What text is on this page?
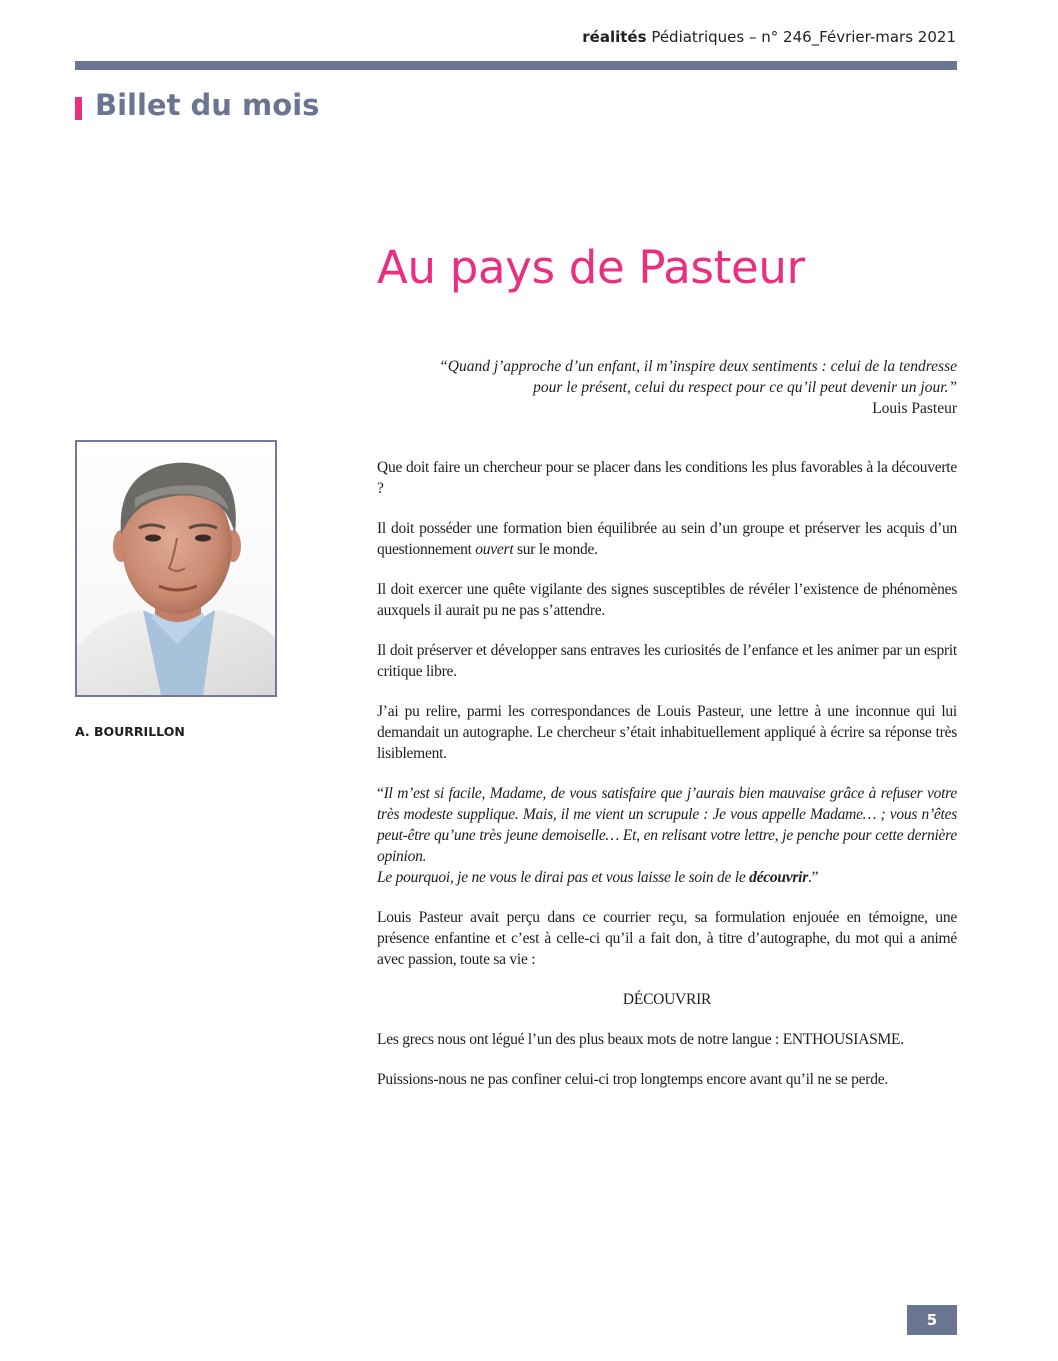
réalités Pédiatriques – n° 246_Février-mars 2021
Billet du mois
Au pays de Pasteur
“Quand j’approche d’un enfant, il m’inspire deux sentiments : celui de la tendresse
pour le présent, celui du respect pour ce qu’il peut devenir un jour.”
Louis Pasteur
A. BOURRILLON

Que doit faire un chercheur pour se placer dans les conditions les plus favorables à la découverte ?

Il doit posséder une formation bien équilibrée au sein d’un groupe et préserver les acquis d’un questionnement ouvert sur le monde.

Il doit exercer une quête vigilante des signes susceptibles de révéler l’existence de phénomènes auxquels il aurait pu ne pas s’attendre.

Il doit préserver et développer sans entraves les curiosités de l’enfance et les animer par un esprit critique libre.

J’ai pu relire, parmi les correspondances de Louis Pasteur, une lettre à une inconnue qui lui demandait un autographe. Le chercheur s’était inhabituellement appliqué à écrire sa réponse très lisiblement.

“Il m’est si facile, Madame, de vous satisfaire que j’aurais bien mauvaise grâce à refuser votre très modeste supplique. Mais, il me vient un scrupule : Je vous appelle Madame… ; vous n’êtes peut-être qu’une très jeune demoiselle… Et, en relisant votre lettre, je penche pour cette dernière opinion.
Le pourquoi, je ne vous le dirai pas et vous laisse le soin de le découvrir.”

Louis Pasteur avait perçu dans ce courrier reçu, sa formulation enjouée en témoigne, une présence enfantine et c’est à celle-ci qu’il a fait don, à titre d’autographe, du mot qui a animé avec passion, toute sa vie :

DÉCOUVRIR

Les grecs nous ont légué l’un des plus beaux mots de notre langue : ENTHOUSIASME.

Puissions-nous ne pas confiner celui-ci trop longtemps encore avant qu’il ne se perde.

5
